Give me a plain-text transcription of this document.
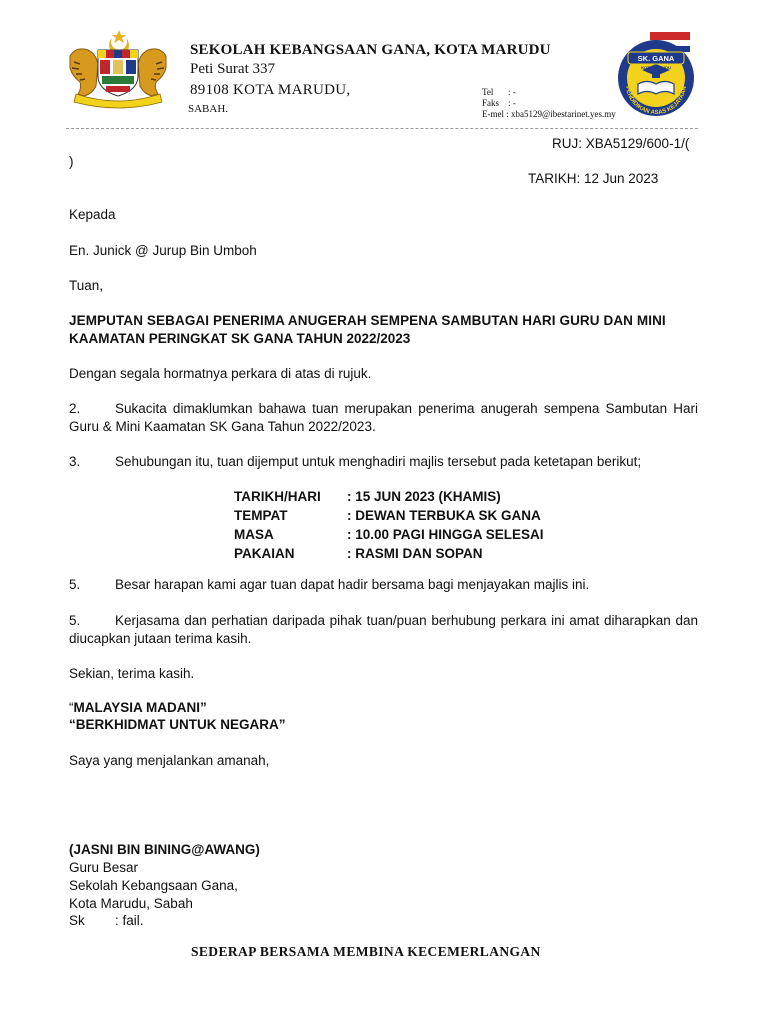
SEKOLAH KEBANGSAAN GANA, KOTA MARUDU
Peti Surat 337
89108 KOTA MARUDU,
SABAH.
Tel : -
Faks : -
E-mel : xba5129@ibestarinet.yes.my
SK. GANA
KOTA MARUDU
PENDIDIKAN ASAS KEJAYAAN
RUJ: XBA5129/600-1/(
)
TARIKH: 12 Jun 2023
Kepada
En. Junick @ Jurup Bin Umboh
Tuan,
JEMPUTAN SEBAGAI PENERIMA ANUGERAH SEMPENA SAMBUTAN HARI GURU DAN MINI
KAAMATAN PERINGKAT SK GANA TAHUN 2022/2023
Dengan segala hormatnya perkara di atas di rujuk.
2.	Sukacita dimaklumkan bahawa tuan merupakan penerima anugerah sempena Sambutan Hari Guru & Mini Kaamatan SK Gana Tahun 2022/2023.
3.	Sehubungan itu, tuan dijemput untuk menghadiri majlis tersebut pada ketetapan berikut;
TARIKH/HARI	: 15 JUN 2023 (KHAMIS)
TEMPAT	: DEWAN TERBUKA SK GANA
MASA	: 10.00 PAGI HINGGA SELESAI
PAKAIAN	: RASMI DAN SOPAN
5.	Besar harapan kami agar tuan dapat hadir bersama bagi menjayakan majlis ini.
5.	Kerjasama dan perhatian daripada pihak tuan/puan berhubung perkara ini amat diharapkan dan diucapkan jutaan terima kasih.
Sekian, terima kasih.
“MALAYSIA MADANI”
“BERKHIDMAT UNTUK NEGARA”
Saya yang menjalankan amanah,
(JASNI BIN BINING@AWANG)
Guru Besar
Sekolah Kebangsaan Gana,
Kota Marudu, Sabah
Sk : fail.
SEDERAP BERSAMA MEMBINA KECEMERLANGAN
